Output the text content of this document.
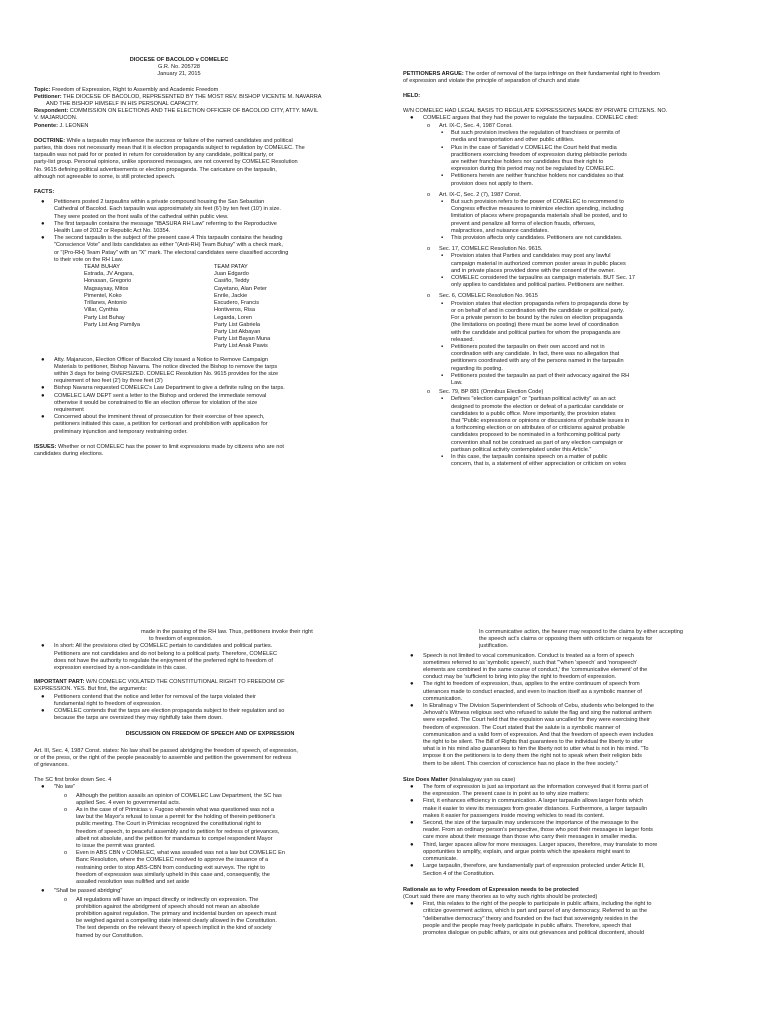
DIOCESE OF BACOLOD v COMELEC

G.R. No. 205728

January 21, 2015

Topic: Freedom of Expression, Right to Assembly and Academic Freedom

Petitioner: THE DIOCESE OF BACOLOD, REPRESENTED BY THE MOST REV. BISHOP VICENTE M. NAVARRA

AND THE BISHOP HIMSELF IN HIS PERSONAL CAPACITY.

Respondent: COMMISSION ON ELECTIONS AND THE ELECTION OFFICER OF BACOLOD CITY, ATTY. MAVIL

V. MAJARUCON.

Ponente: J. LEONEN

DOCTRINE: While a tarpaulin may influence the success or failure of the named candidates and political

parties, this does not necessarily mean that it is election propaganda subject to regulation by COMELEC. The

tarpaulin was not paid for or posted in return for consideration by any candidate, political party, or

party-list group. Personal opinions, unlike sponsored messages, are not covered by COMELEC Resolution

No. 9615 defining political advertisements or election propaganda. The caricature on the tarpaulin,

although not agreeable to some, is still protected speech.

FACTS:

● Petitioners posted 2 tarpaulins within a private compound housing the San Sebastian

Cathedral of Bacolod. Each tarpaulin was approximately six feet (6') by ten feet (10') in size.

They were posted on the front walls of the cathedral within public view.

● The first tarpaulin contains the message "IBASURA RH Law" referring to the Reproductive

Health Law of 2012 or Republic Act No. 10354.

● The second tarpaulin is the subject of the present case.4 This tarpaulin contains the heading

"Conscience Vote" and lists candidates as either "(Anti-RH) Team Buhay" with a check mark,

or "(Pro-RH) Team Patay" with an "X" mark. The electoral candidates were classified according

to their vote on the RH Law.

TEAM BUHAY

Estrada, JV Angara,

Honasan, Gregorio

Magsaysay, Mitos

Pimentel, Koko

Trillanes, Antonio

Villar, Cynthia

Party List Buhay

Party List Ang Pamilya

TEAM PATAY

Juan Edgardo

Casiño, Teddy

Cayetano, Alan Peter

Enrile, Jackie

Escudero, Francis

Hontiveros, Risa

Legarda, Loren

Party List Gabriela

Party List Akbayan

Party List Bayan Muna

Party List Anak Pawis

● Atty. Majarucon, Election Officer of Bacolod City issued a Notice to Remove Campaign

Materials to petitioner, Bishop Navarra. The notice directed the Bishop to remove the tarps

within 3 days for being OVERSIZED. COMELEC Resolution No. 9615 provides for the size

requirement of two feet (2') by three feet (3')

● Bishop Navarra requested COMELEC's Law Department to give a definite ruling on the tarps.

● COMELEC LAW DEPT sent a letter to the Bishop and ordered the immediate removal

otherwise it would be constrained to file an election offense for violation of the size

requirement

● Concerned about the imminent threat of prosecution for their exercise of free speech,

petitioners initiated this case, a petition for certiorari and prohibition with application for

preliminary injunction and temporary restraining order.

ISSUES: Whether or not COMELEC has the power to limit expressions made by citizens who are not

candidates during elections.

PETITIONERS ARGUE: The order of removal of the tarps infringe on their fundamental right to freedom

of expression and violate the principle of separation of church and state

HELD:

W/N COMELEC HAD LEGAL BASIS TO REGULATE EXPRESSIONS MADE BY PRIVATE CITIZENS. NO.

● COMELEC argues that they had the power to regulate the tarpaulins. COMELEC cited:

o Art. IX-C, Sec. 4, 1987 Const.

▪ But such provision involves the regulation of franchises or permits of

media and transportation and other public utilities.

▪ Plus in the case of Sanidad v COMELEC the Court held that media

practitioners exercising freedom of expression during plebiscite periods

are neither franchise holders nor candidates thus their right to

expression during this period may not be regulated by COMELEC.

▪ Petitioners herein are neither franchise holders nor candidates so that

provision does not apply to them.

o Art. IX-C, Sec. 2 (7), 1987 Const.

▪ But such provision refers to the power of COMELEC to recommend to

Congress effective measures to minimize election spending, including

limitation of places where propaganda materials shall be posted, and to

prevent and penalize all forms of election frauds, offenses,

malpractices, and nuisance candidates.

▪ This provision affects only candidates. Petitioners are not candidates.

o Sec. 17, COMELEC Resolution No. 9615.

▪ Provision states that Parties and candidates may post any lawful

campaign material in authorized common poster areas in public places

and in private places provided done with the consent of the owner.

▪ COMELEC considered the tarpaulins as campaign materials. BUT Sec. 17

only applies to candidates and political parties. Petitioners are neither.

o Sec. 6, COMELEC Resolution No. 9615

▪ Provision states that election propaganda refers to propaganda done by

or on behalf of and in coordination with the candidate or political party.

For a private person to be bound by the rules on election propaganda

(the limitations on posting) there must be some level of coordination

with the candidate and political parties for whom the propaganda are

released.

▪ Petitioners posted the tarpaulin on their own accord and not in

coordination with any candidate. In fact, there was no allegation that

petitioners coordinated with any of the persons named in the tarpaulin

regarding its posting.

▪ Petitioners posted the tarpaulin as part of their advocacy against the RH

Law.

o Sec. 79, BP 881 (Omnibus Election Code)

▪ Defines "election campaign" or "partisan political activity" as an act

designed to promote the election or defeat of a particular candidate or

candidates to a public office. More importantly, the provision states

that "Public expressions or opinions or discussions of probable issues in

a forthcoming election or on attributes of or criticisms against probable

candidates proposed to be nominated in a forthcoming political party

convention shall not be construed as part of any election campaign or

partisan political activity contemplated under this Article."

▪ In this case, the tarpaulin contains speech on a matter of public

concern, that is, a statement of either appreciation or criticism on votes

made in the passing of the RH law. Thus, petitioners invoke their right

to freedom of expression.

● In short: All the provisions cited by COMELEC pertain to candidates and political parties.

Petitioners are not candidates and do not belong to a political party. Therefore, COMELEC

does not have the authority to regulate the enjoyment of the preferred right to freedom of

expression exercised by a non-candidate in this case.

IMPORTANT PART: W/N COMELEC VIOLATED THE CONSTITUTIONAL RIGHT TO FREEDOM OF

EXPRESSION. YES. But first, the arguments:

● Petitioners contend that the notice and letter for removal of the tarps violated their

fundamental right to freedom of expression.

● COMELEC contends that the tarps are election propaganda subject to their regulation and so

because the tarps are oversized they may rightfully take them down.

DISCUSSION ON FREEDOM OF SPEECH AND OF EXPRESSION

Art. III, Sec. 4, 1987 Const. states: No law shall be passed abridging the freedom of speech, of expression,

or of the press, or the right of the people peaceably to assemble and petition the government for redress

of grievances.

The SC first broke down Sec. 4

● "No law"

o Although the petition assails an opinion of COMELEC Law Department, the SC has

applied Sec. 4 even to governmental acts.

o As in the case of of Primicias v. Fugoso wherein what was questioned was not a

law but the Mayor's refusal to issue a permit for the holding of therein petitioner's

public meeting. The Court in Primicias recognized the constitutional right to

freedom of speech, to peaceful assembly and to petition for redress of grievances,

albeit not absolute, and the petition for mandamus to compel respondent Mayor

to issue the permit was granted.

o Even in ABS CBN v COMELEC, what was assailed was not a law but COMELEC En

Banc Resolution, where the COMELEC resolved to approve the issuance of a

restraining order to stop ABS-CBN from conducting exit surveys. The right to

freedom of expression was similarly upheld in this case and, consequently, the

assailed resolution was nullified and set aside

● "Shall be passed abridging"

o All regulations will have an impact directly or indirectly on expression. The

prohibition against the abridgment of speech should not mean an absolute

prohibition against regulation. The primary and incidental burden on speech must

be weighed against a compelling state interest clearly allowed in the Constitution.

The test depends on the relevant theory of speech implicit in the kind of society

framed by our Constitution.

In communicative action, the hearer may respond to the claims by either accepting

the speech act's claims or opposing them with criticism or requests for

justification.

● Speech is not limited to vocal communication. Conduct is treated as a form of speech

sometimes referred to as 'symbolic speech', such that "'when 'speech' and 'nonspeech'

elements are combined in the same course of conduct,' the 'communicative element' of the

conduct may be 'sufficient to bring into play the right to freedom of expression.

● The right to freedom of expression, thus, applies to the entire continuum of speech from

utterances made to conduct enacted, and even to inaction itself as a symbolic manner of

communication.

● In Ebralinag v The Division Superintendent of Schools of Cebu, students who belonged to the

Jehovah's Witness religious sect who refused to salute the flag and sing the national anthem

were expelled. The Court held that the expulsion was uncalled for they were exercising their

freedom of expression. The Court stated that the salute is a symbolic manner of

communication and a valid form of expression. And that the freedom of speech even includes

the right to be silent. The Bill of Rights that guarantees to the individual the liberty to utter

what is in his mind also guarantees to him the liberty not to utter what is not in his mind. "To

impose it on the petitioners is to deny them the right not to speak when their religion bids

them to be silent. This coercion of conscience has no place in the free society."

Size Does Matter (kinalalagyay yan sa case)

● The form of expression is just as important as the information conveyed that it forms part of

the expression. The present case is in point as to why size matters:

● First, it enhances efficiency in communication. A larger tarpaulin allows larger fonts which

make it easier to view its messages from greater distances. Furthermore, a larger tarpaulin

makes it easier for passengers inside moving vehicles to read its content.

● Second, the size of the tarpaulin may underscore the importance of the message to the

reader. From an ordinary person's perspective, those who post their messages in larger fonts

care more about their message than those who carry their messages in smaller media.

● Third, larger spaces allow for more messages. Larger spaces, therefore, may translate to more

opportunities to amplify, explain, and argue points which the speakers might want to

communicate.

● Large tarpaulin, therefore, are fundamentally part of expression protected under Article III,

Section 4 of the Constitution.

Rationale as to why Freedom of Expression needs to be protected

(Court said there are many theories as to why such rights should be protected)

● First, this relates to the right of the people to participate in public affairs, including the right to

criticize government actions, which is part and parcel of any democracy. Referred to as the

"deliberative democracy" theory and founded on the fact that sovereignty resides in the

people and the people may freely participate in public affairs. Therefore, speech that

promotes dialogue on public affairs, or airs out grievances and political discontent, should
